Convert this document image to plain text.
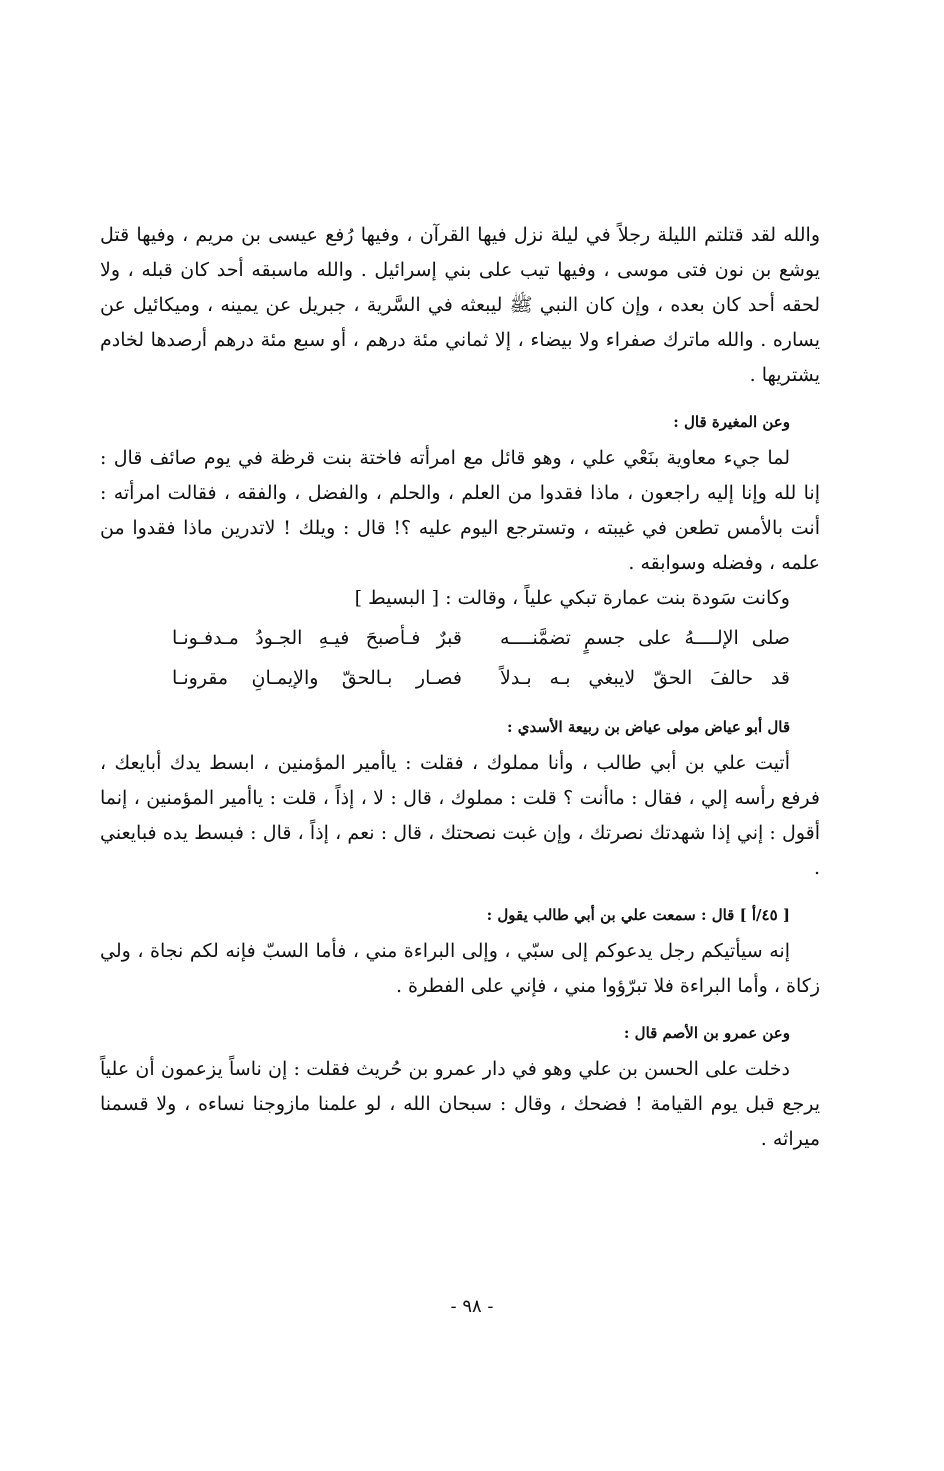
والله لقد قتلتم الليلة رجلاً في ليلة نزل فيها القرآن ، وفيها رُفع عيسى بن مريم ، وفيها قتل يوشع بن نون فتى موسى ، وفيها تيب على بني إسرائيل . والله ماسبقه أحد كان قبله ، ولا لحقه أحد كان بعده ، وإن كان النبي ﷺ ليبعثه في السَّرية ، جبريل عن يمينه ، وميكائيل عن يساره . والله ماترك صفراء ولا بيضاء ، إلا ثماني مئة درهم ، أو سبع مئة درهم أرصدها لخادم يشتريها .

وعن المغيرة قال :

لما جيء معاوية بنَعْي علي ، وهو قائل مع امرأته فاختة بنت قرظة في يوم صائف قال : إنا لله وإنا إليه راجعون ، ماذا فقدوا من العلم ، والحلم ، والفضل ، والفقه ، فقالت امرأته : أنت بالأمس تطعن في غيبته ، وتسترجع اليوم عليه ؟! قال : ويلك ! لاتدرين ماذا فقدوا من علمه ، وفضله وسوابقه .

وكانت سَودة بنت عمارة تبكي علياً ، وقالت : [ البسيط ]

صلى الإلــــهُ على جسمٍ تضمَّنــــه
قبرٌ فـأصبحَ فيـهِ الجـودُ مـدفـونـا
قد حالفَ الحقّ لايبغي بـه بـدلاً
فصـار بـالحقّ والإيمـانِ مقرونـا
قال أبو عياض مولى عياض بن ربيعة الأسدي :

أتيت علي بن أبي طالب ، وأنا مملوك ، فقلت : ياأمير المؤمنين ، ابسط يدك أبايعك ، فرفع رأسه إلي ، فقال : ماأنت ؟ قلت : مملوك ، قال : لا ، إذاً ، قلت : ياأمير المؤمنين ، إنما أقول : إني إذا شهدتك نصرتك ، وإن غبت نصحتك ، قال : نعم ، إذاً ، قال : فبسط يده فبايعني .

[ ٤٥/أ ] قال : سمعت علي بن أبي طالب يقول :

إنه سيأتيكم رجل يدعوكم إلى سبّي ، وإلى البراءة مني ، فأما السبّ فإنه لكم نجاة ، ولي زكاة ، وأما البراءة فلا تبرّؤوا مني ، فإني على الفطرة .

وعن عمرو بن الأصم قال :

دخلت على الحسن بن علي وهو في دار عمرو بن حُريث فقلت : إن ناساً يزعمون أن علياً يرجع قبل يوم القيامة ! فضحك ، وقال : سبحان الله ، لو علمنا مازوجنا نساءه ، ولا قسمنا ميراثه .

- ٩٨ -
